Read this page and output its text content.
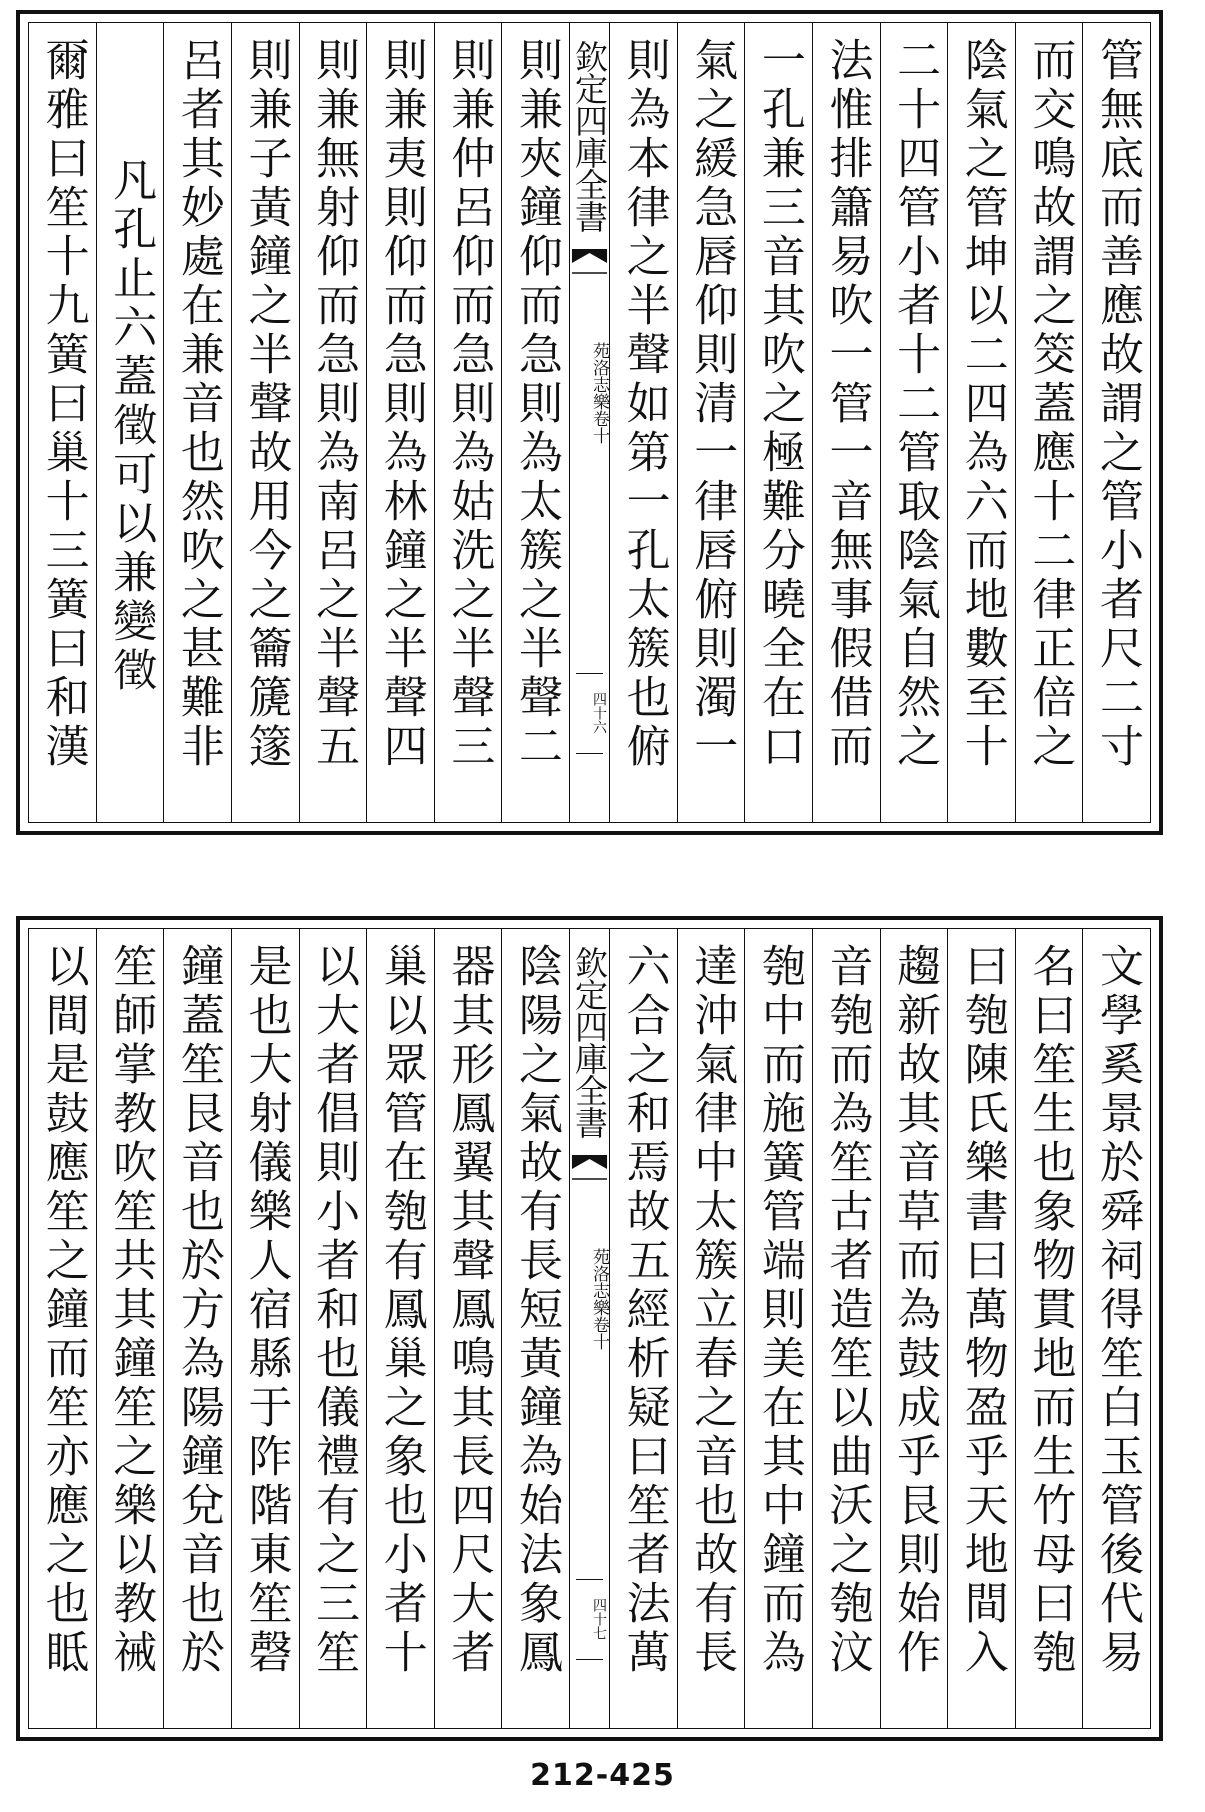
管無底而善應故謂之管小者尺二寸
而交鳴故謂之筊蓋應十二律正倍之
陰氣之管坤以二四為六而地數至十
二十四管小者十二管取陰氣自然之
法惟排簫易吹一管一音無事假借而
一孔兼三音其吹之極難分曉全在口
氣之緩急唇仰則清一律唇俯則濁一
則為本律之半聲如第一孔太簇也俯
欽定四庫全書
苑洛志樂
卷十
四十六
則兼夾鐘仰而急則為太簇之半聲二
則兼仲呂仰而急則為姑洗之半聲三
則兼夷則仰而急則為林鐘之半聲四
則兼無射仰而急則為南呂之半聲五
則兼子黃鐘之半聲故用今之籥篪篴
呂者其妙處在兼音也然吹之甚難非
凡孔止六蓋徵可以兼變徵
爾雅曰笙十九簧曰巢十三簧曰和漢
文學奚景於舜祠得笙白玉管後代易
名曰笙生也象物貫地而生竹母曰匏
曰匏陳氏樂書曰萬物盈乎天地間入
趨新故其音草而為鼓成乎艮則始作
音匏而為笙古者造笙以曲沃之匏汶
匏中而施簧管端則美在其中鐘而為
達沖氣律中太簇立春之音也故有長
六合之和焉故五經析疑曰笙者法萬
欽定四庫全書
苑洛志樂
卷十
四十七
陰陽之氣故有長短黃鐘為始法象鳳
器其形鳳翼其聲鳳鳴其長四尺大者
巢以眾管在匏有鳳巢之象也小者十
以大者倡則小者和也儀禮有之三笙
是也大射儀樂人宿縣于阼階東笙磬
鐘蓋笙艮音也於方為陽鐘兌音也於
笙師掌教吹笙共其鐘笙之樂以教祴
以間是鼓應笙之鐘而笙亦應之也眡
212-425
